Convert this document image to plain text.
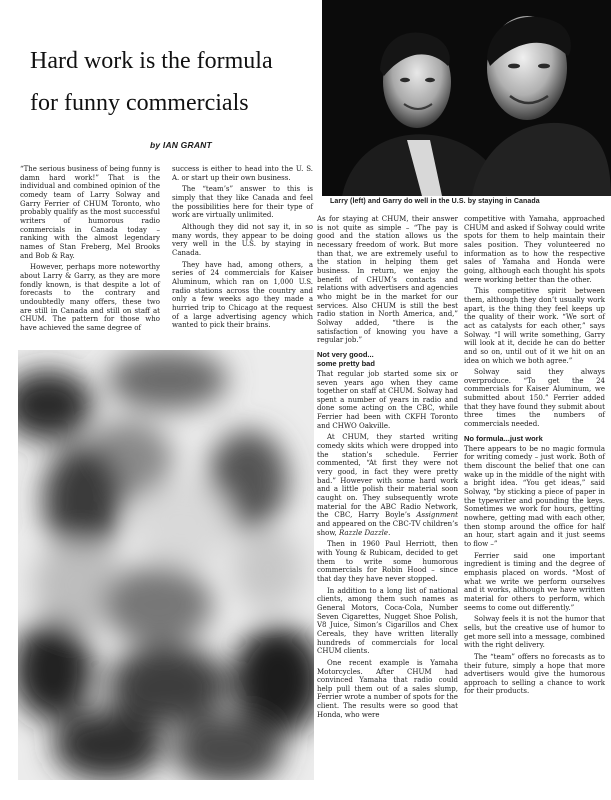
Hard work is the formula
for funny commercials
by IAN GRANT
Larry (left) and Garry do well in the U.S. by staying in Canada

“The serious business of being funny is damn hard work!” That is the individual and combined opinion of the comedy team of Larry Solway and Garry Ferrier of CHUM Toronto, who probably qualify as the most successful writers of humorous radio commercials in Canada today – ranking with the almost legendary names of Stan Freberg, Mel Brooks and Bob & Ray.

However, perhaps more noteworthy about Larry & Garry, as they are more fondly known, is that despite a lot of forecasts to the contrary and undoubtedly many offers, these two are still in Canada and still on staff at CHUM. The pattern for those who have achieved the same degree of

success is either to head into the U. S. A. or start up their own business.

The “team’s” answer to this is simply that they like Canada and feel the possibilities here for their type of work are virtually unlimited.

Although they did not say it, in so many words, they appear to be doing very well in the U.S. by staying in Canada.

They have had, among others, a series of 24 commercials for Kaiser Aluminum, which ran on 1,000 U.S. radio stations across the country and only a few weeks ago they made a hurried trip to Chicago at the request of a large advertising agency which wanted to pick their brains.

As for staying at CHUM, their answer is not quite as simple – “The pay is good and the station allows us the necessary freedom of work. But more than that, we are extremely useful to the station in helping them get business. In return, we enjoy the benefit of CHUM’s contacts and relations with advertisers and agencies who might be in the market for our services. Also CHUM is still the best radio station in North America, and,” Solway added, “there is the satisfaction of knowing you have a regular job.”

Not very good...
some pretty bad

That regular job started some six or seven years ago when they came together on staff at CHUM. Solway had spent a number of years in radio and done some acting on the CBC, while Ferrier had been with CKFH Toronto and CHWO Oakville.

At CHUM, they started writing comedy skits which were dropped into the station’s schedule. Ferrier commented, “At first they were not very good, in fact they were pretty bad.” However with some hard work and a little polish their material soon caught on. They subsequently wrote material for the ABC Radio Network, the CBC, Harry Boyle’s Assignment and appeared on the CBC-TV children’s show, Razzle Dazzle.

Then in 1960 Paul Herriott, then with Young & Rubicam, decided to get them to write some humorous commercials for Robin Hood – since that day they have never stopped.

In addition to a long list of national clients, among them such names as General Motors, Coca-Cola, Number Seven Cigarettes, Nugget Shoe Polish, V8 Juice, Simon’s Cigarillos and Chex Cereals, they have written literally hundreds of commercials for local CHUM clients.

One recent example is Yamaha Motorcycles. After CHUM had convinced Yamaha that radio could help pull them out of a sales slump, Ferrier wrote a number of spots for the client. The results were so good that Honda, who were

competitive with Yamaha, approached CHUM and asked if Solway could write spots for them to help maintain their sales position. They volunteered no information as to how the respective sales of Yamaha and Honda were going, although each thought his spots were working better than the other.

This competitive spirit between them, although they don’t usually work apart, is the thing they feel keeps up the quality of their work. “We sort of act as catalysts for each other,” says Solway. “I will write something, Garry will look at it, decide he can do better and so on, until out of it we hit on an idea on which we both agree.”

Solway said they always overproduce. “To get the 24 commercials for Kaiser Aluminum, we submitted about 150.” Ferrier added that they have found they submit about three times the numbers of commercials needed.

No formula...just work

There appears to be no magic formula for writing comedy – just work. Both of them discount the belief that one can wake up in the middle of the night with a bright idea. “You get ideas,” said Solway, “by sticking a piece of paper in the typewriter and pounding the keys. Sometimes we work for hours, getting nowhere, getting mad with each other, then stomp around the office for half an hour, start again and it just seems to flow –”

Ferrier said one important ingredient is timing and the degree of emphasis placed on words. “Most of what we write we perform ourselves and it works, although we have written material for others to perform, which seems to come out differently.”

Solway feels it is not the humor that sells, but the creative use of humor to get more sell into a message, combined with the right delivery.

The “team” offers no forecasts as to their future, simply a hope that more advertisers would give the humorous approach to selling a chance to work for their products.
